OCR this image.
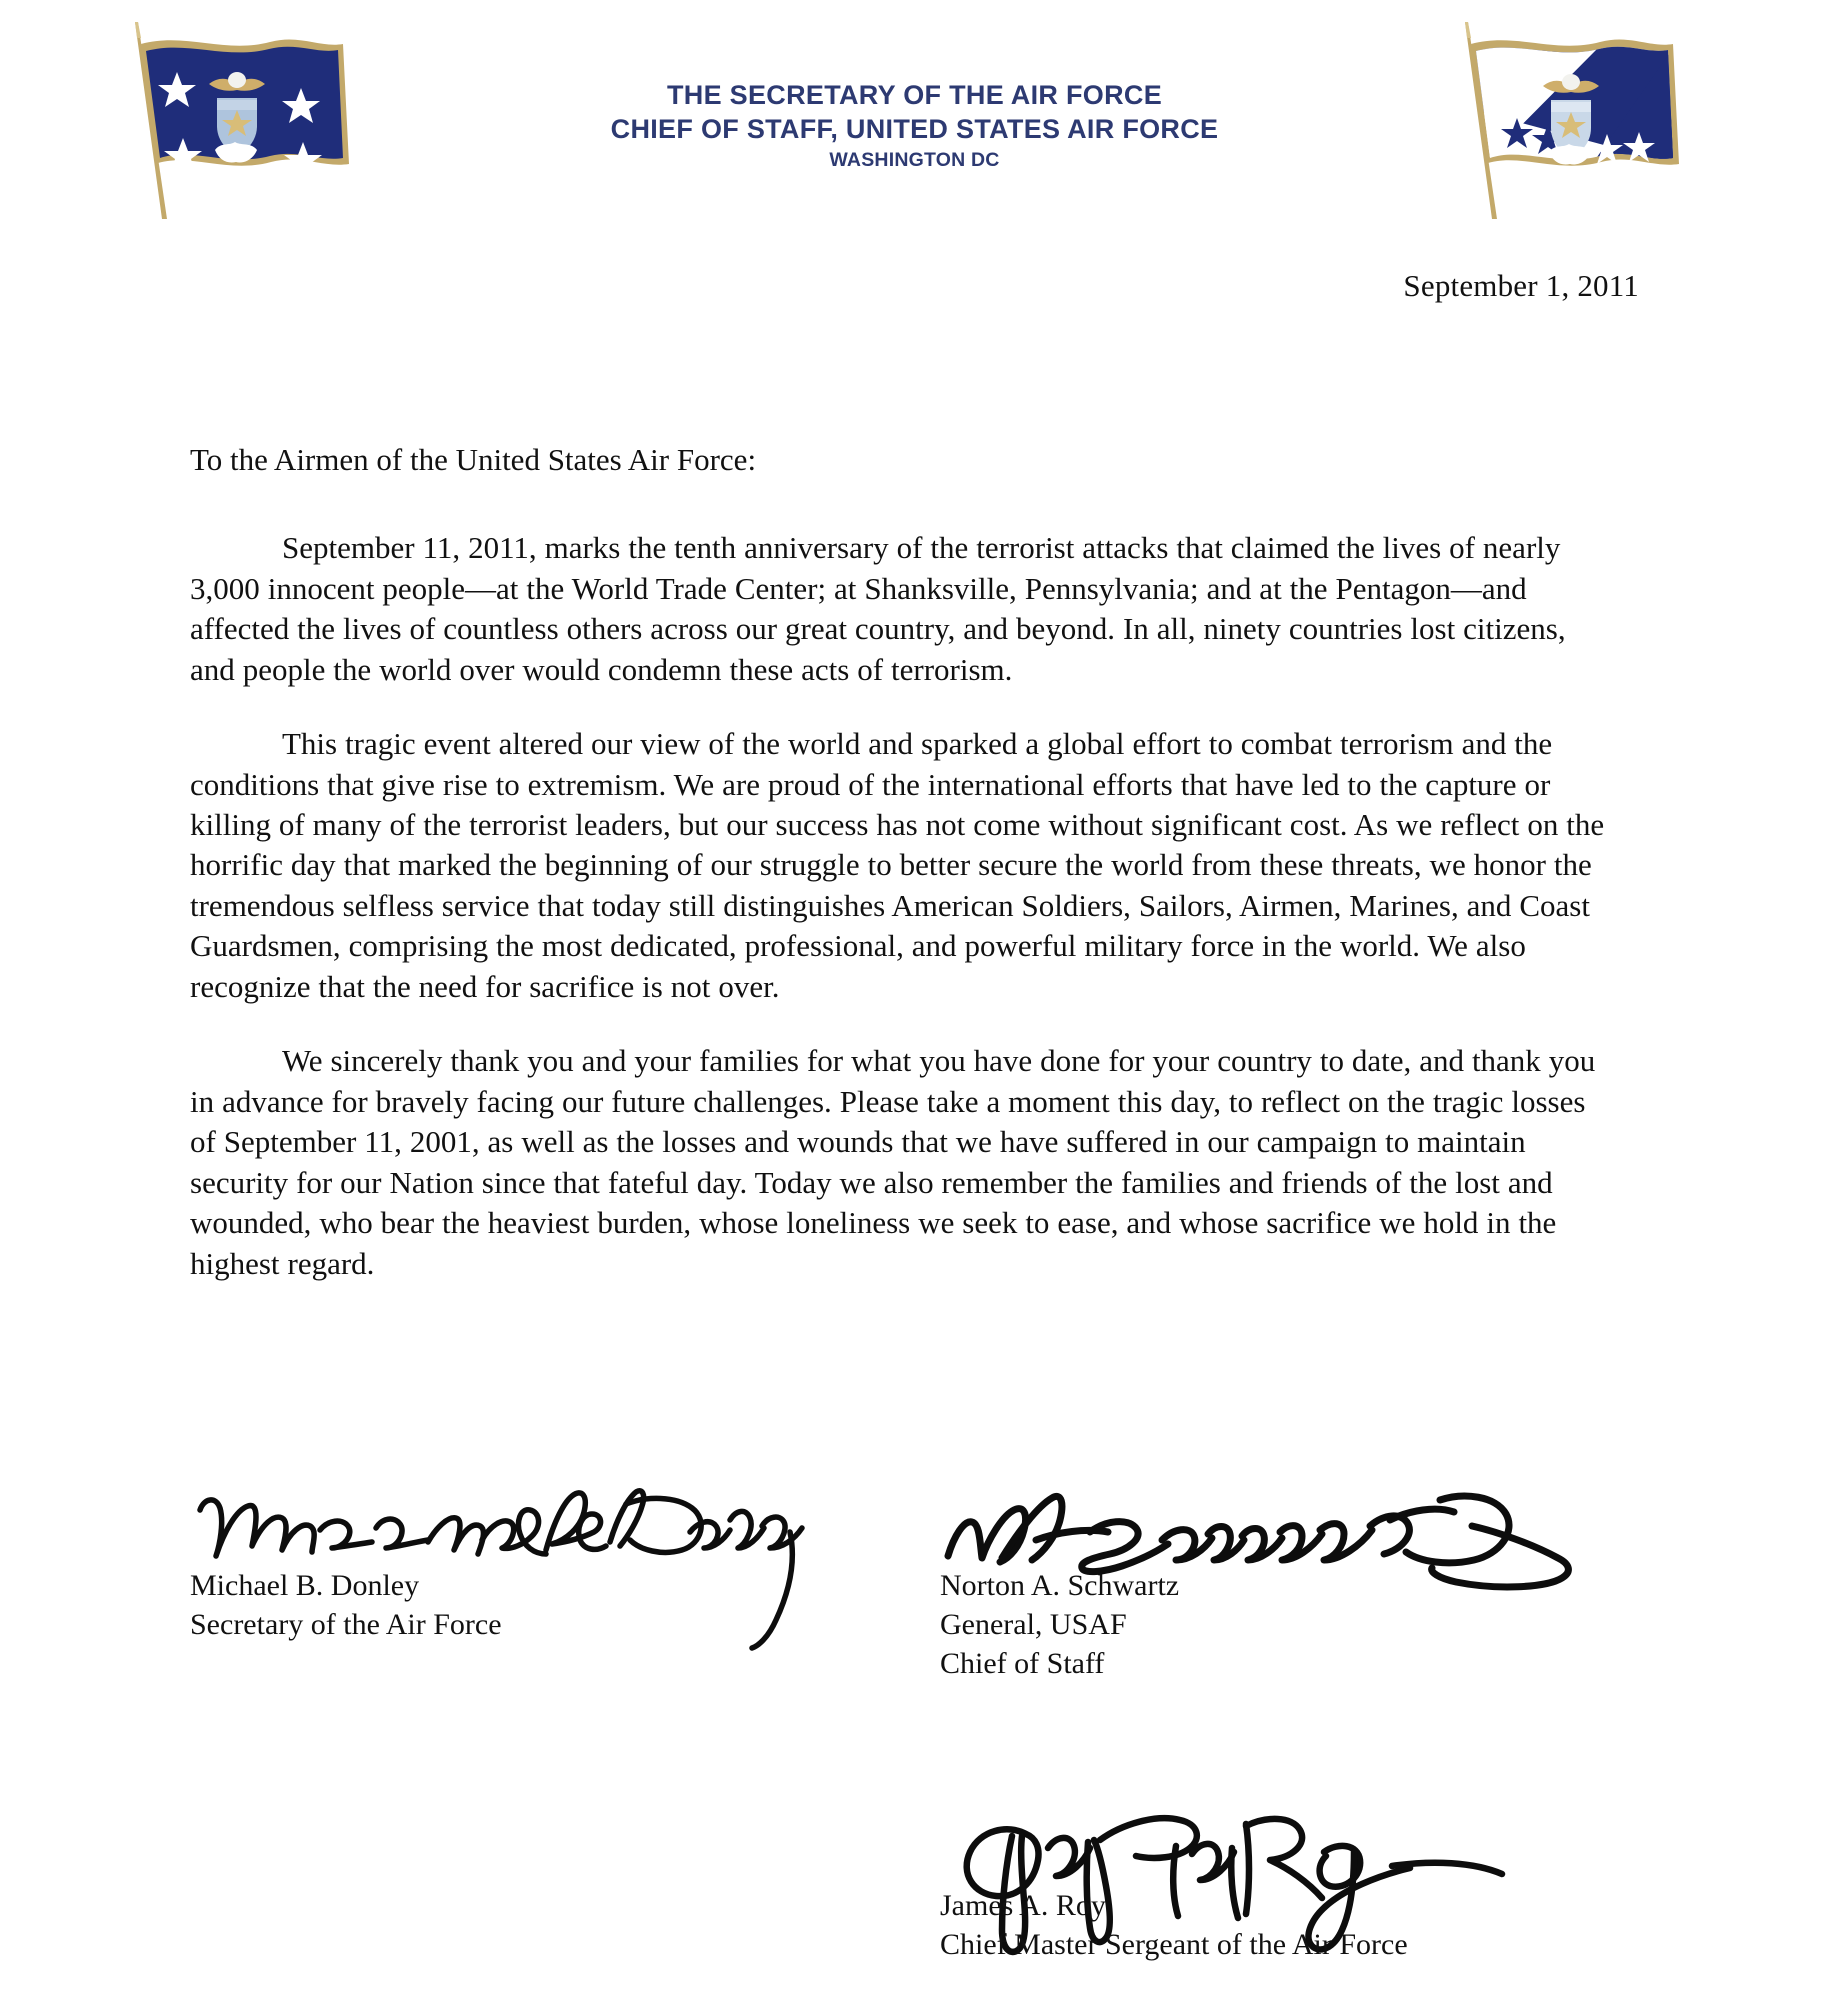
THE SECRETARY OF THE AIR FORCE
CHIEF OF STAFF, UNITED STATES AIR FORCE
WASHINGTON DC
September 1, 2011

To the Airmen of the United States Air Force:

September 11, 2011, marks the tenth anniversary of the terrorist attacks that claimed the lives of nearly 3,000 innocent people—at the World Trade Center; at Shanksville, Pennsylvania; and at the Pentagon—and affected the lives of countless others across our great country, and beyond. In all, ninety countries lost citizens, and people the world over would condemn these acts of terrorism.

This tragic event altered our view of the world and sparked a global effort to combat terrorism and the conditions that give rise to extremism. We are proud of the international efforts that have led to the capture or killing of many of the terrorist leaders, but our success has not come without significant cost. As we reflect on the horrific day that marked the beginning of our struggle to better secure the world from these threats, we honor the tremendous selfless service that today still distinguishes American Soldiers, Sailors, Airmen, Marines, and Coast Guardsmen, comprising the most dedicated, professional, and powerful military force in the world. We also recognize that the need for sacrifice is not over.

We sincerely thank you and your families for what you have done for your country to date, and thank you in advance for bravely facing our future challenges. Please take a moment this day, to reflect on the tragic losses of September 11, 2001, as well as the losses and wounds that we have suffered in our campaign to maintain security for our Nation since that fateful day. Today we also remember the families and friends of the lost and wounded, who bear the heaviest burden, whose loneliness we seek to ease, and whose sacrifice we hold in the highest regard.

Michael B. Donley
Secretary of the Air Force
Norton A. Schwartz
General, USAF
Chief of Staff
James A. Roy
Chief Master Sergeant of the Air Force
